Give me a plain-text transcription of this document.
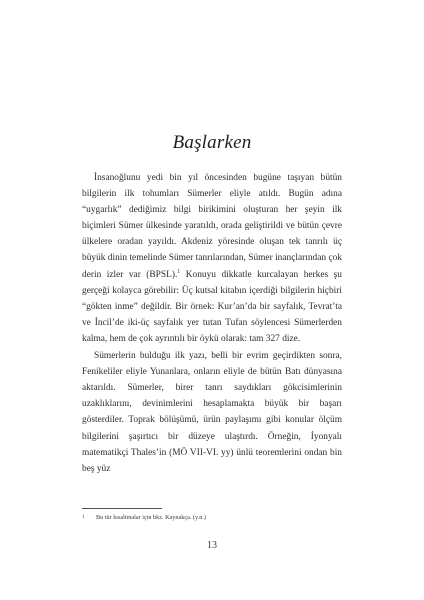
Başlarken

İnsanoğlunu yedi bin yıl öncesinden bugüne taşıyan bütün bilgilerin ilk tohumları Sümerler eliyle atıldı. Bugün adına “uygarlık” dediğimiz bilgi birikimini oluşturan her şeyin ilk biçimleri Sümer ülkesinde yaratıldı, orada geliştirildi ve bütün çevre ülkelere oradan yayıldı. Akdeniz yöresinde oluşan tek tanrılı üç büyük dinin temelinde Sümer tanrılarından, Sümer inançlarından çok derin izler var (BPSL).$^1$ Konuyu dikkatle kurcalayan herkes şu gerçeği kolayca görebilir: Üç kutsal kitabın içerdiği bilgilerin hiçbiri “gökten inme” değildir. Bir örnek: Kur’an’da bir sayfalık, Tevrat’ta ve İncil’de iki-üç sayfalık yer tutan Tufan söylencesi Sümerlerden kalma, hem de çok ayrıntılı bir öykü olarak: tam 327 dize.

Sümerlerin bulduğu ilk yazı, belli bir evrim geçirdikten sonra, Fenikeliler eliyle Yunanlara, onların eliyle de bütün Batı dünyasına aktarıldı. Sümerler, birer tanrı saydıkları gökcisimlerinin uzaklıklarını, devinimlerini hesaplamakta büyük bir başarı gösterdiler. Toprak bölüşümü, ürün paylaşımı gibi konular ölçüm bilgilerini şaşırtıcı bir düzeye ulaştırdı. Örneğin, İyonyalı matematikçi Thales’in (MÖ VII-VI. yy) ünlü teoremlerini ondan bin beş yüz

1 Bu tür kısaltmalar için bkz. Kaynakça. (y.n.)
13
